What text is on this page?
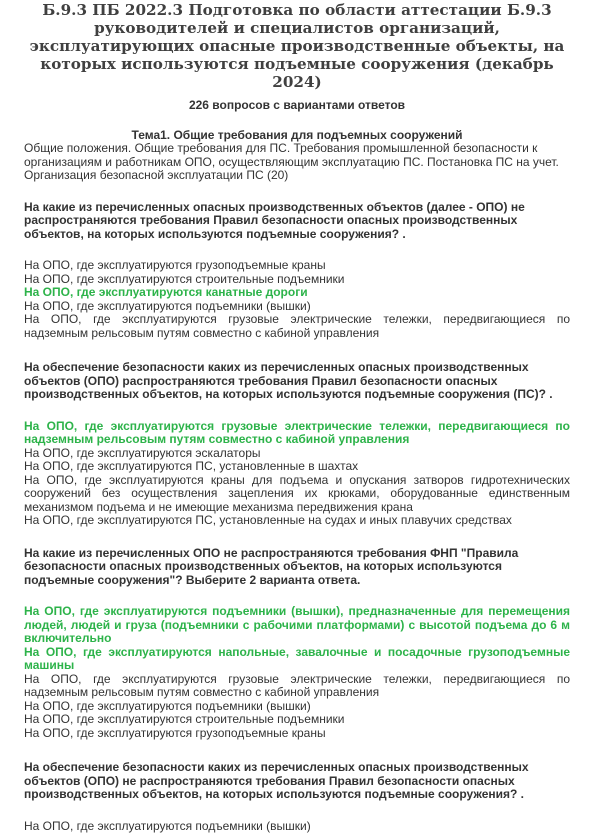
Б.9.3 ПБ 2022.3 Подготовка по области аттестации Б.9.3 руководителей и специалистов организаций, эксплуатирующих опасные производственные объекты, на которых используются подъемные сооружения (декабрь 2024)

226 вопросов с вариантами ответов

Тема1. Общие требования для подъемных сооружений

Общие положения. Общие требования для ПС. Требования промышленной безопасности к организациям и работникам ОПО, осуществляющим эксплуатацию ПС. Постановка ПС на учет. Организация безопасной эксплуатации ПС (20)

На какие из перечисленных опасных производственных объектов (далее - ОПО) не распространяются требования Правил безопасности опасных производственных объектов, на которых используются подъемные сооружения? .

На ОПО, где эксплуатируются грузоподъемные краны

На ОПО, где эксплуатируются строительные подъемники

На ОПО, где эксплуатируются канатные дороги

На ОПО, где эксплуатируются подъемники (вышки)

На ОПО, где эксплуатируются грузовые электрические тележки, передвигающиеся по надземным рельсовым путям совместно с кабиной управления

На обеспечение безопасности каких из перечисленных опасных производственных объектов (ОПО) распространяются требования Правил безопасности опасных производственных объектов, на которых используются подъемные сооружения (ПС)? .

На ОПО, где эксплуатируются грузовые электрические тележки, передвигающиеся по надземным рельсовым путям совместно с кабиной управления

На ОПО, где эксплуатируются эскалаторы

На ОПО, где эксплуатируются ПС, установленные в шахтах

На ОПО, где эксплуатируются краны для подъема и опускания затворов гидротехнических сооружений без осуществления зацепления их крюками, оборудованные единственным механизмом подъема и не имеющие механизма передвижения крана

На ОПО, где эксплуатируются ПС, установленные на судах и иных плавучих средствах

На какие из перечисленных ОПО не распространяются требования ФНП "Правила безопасности опасных производственных объектов, на которых используются подъемные сооружения"? Выберите 2 варианта ответа.

На ОПО, где эксплуатируются подъемники (вышки), предназначенные для перемещения людей, людей и груза (подъемники с рабочими платформами) с высотой подъема до 6 м включительно

На ОПО, где эксплуатируются напольные, завалочные и посадочные грузоподъемные машины

На ОПО, где эксплуатируются грузовые электрические тележки, передвигающиеся по надземным рельсовым путям совместно с кабиной управления

На ОПО, где эксплуатируются подъемники (вышки)

На ОПО, где эксплуатируются строительные подъемники

На ОПО, где эксплуатируются грузоподъемные краны

На обеспечение безопасности каких из перечисленных опасных производственных объектов (ОПО) не распространяются требования Правил безопасности опасных производственных объектов, на которых используются подъемные сооружения? .

На ОПО, где эксплуатируются подъемники (вышки)
